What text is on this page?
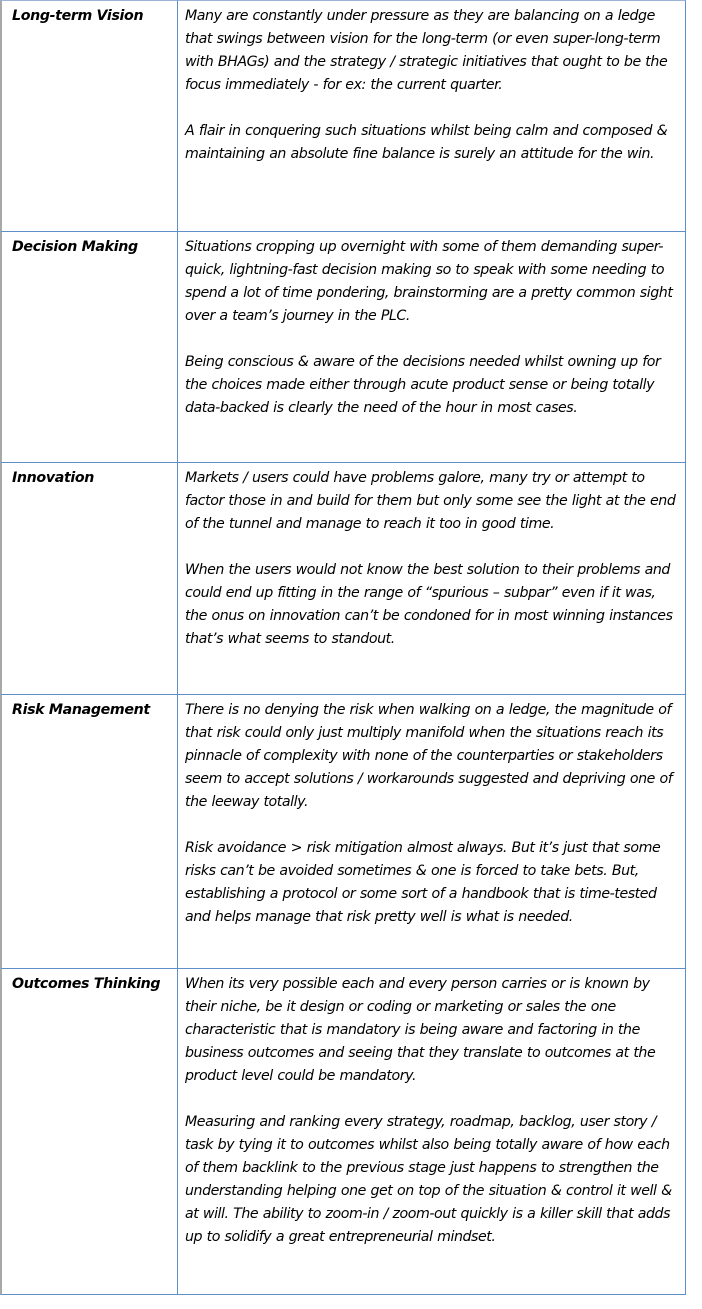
Long-term Vision	Many are constantly under pressure as they are balancing on a ledge that swings between vision for the long-term (or even super-long-term with BHAGs) and the strategy / strategic initiatives that ought to be the focus immediately - for ex: the current quarter.

A flair in conquering such situations whilst being calm and composed & maintaining an absolute fine balance is surely an attitude for the win.

Decision Making	Situations cropping up overnight with some of them demanding super-quick, lightning-fast decision making so to speak with some needing to spend a lot of time pondering, brainstorming are a pretty common sight over a team’s journey in the PLC.

Being conscious & aware of the decisions needed whilst owning up for the choices made either through acute product sense or being totally data-backed is clearly the need of the hour in most cases.

Innovation	Markets / users could have problems galore, many try or attempt to factor those in and build for them but only some see the light at the end of the tunnel and manage to reach it too in good time.

When the users would not know the best solution to their problems and could end up fitting in the range of “spurious – subpar” even if it was, the onus on innovation can’t be condoned for in most winning instances that’s what seems to standout.

Risk Management	There is no denying the risk when walking on a ledge, the magnitude of that risk could only just multiply manifold when the situations reach its pinnacle of complexity with none of the counterparties or stakeholders seem to accept solutions / workarounds suggested and depriving one of the leeway totally.

Risk avoidance > risk mitigation almost always. But it’s just that some risks can’t be avoided sometimes & one is forced to take bets. But, establishing a protocol or some sort of a handbook that is time-tested and helps manage that risk pretty well is what is needed.

Outcomes Thinking	When its very possible each and every person carries or is known by their niche, be it design or coding or marketing or sales the one characteristic that is mandatory is being aware and factoring in the business outcomes and seeing that they translate to outcomes at the product level could be mandatory.

Measuring and ranking every strategy, roadmap, backlog, user story / task by tying it to outcomes whilst also being totally aware of how each of them backlink to the previous stage just happens to strengthen the understanding helping one get on top of the situation & control it well & at will. The ability to zoom-in / zoom-out quickly is a killer skill that adds up to solidify a great entrepreneurial mindset.
